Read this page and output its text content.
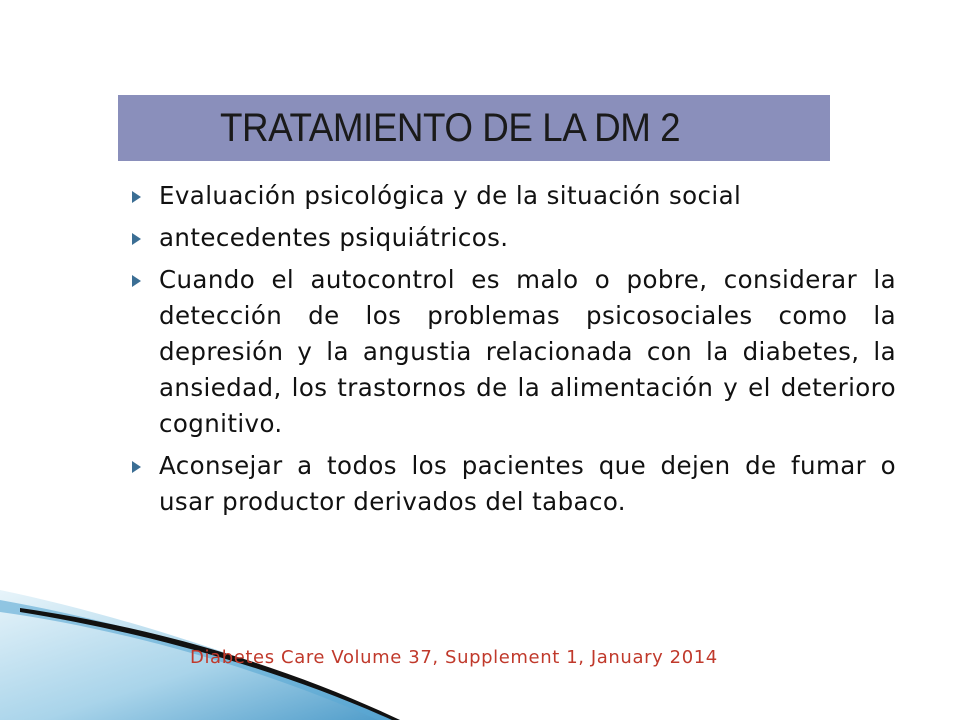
TRATAMIENTO DE LA DM 2
Evaluación psicológica y de la situación social
antecedentes psiquiátricos.
Cuando el autocontrol es malo o pobre, considerar la detección de los problemas psicosociales como la depresión y la angustia relacionada con la diabetes, la ansiedad, los trastornos de la alimentación y el deterioro cognitivo.
Aconsejar a todos los pacientes que dejen de fumar o usar productor derivados del tabaco.
Diabetes Care Volume 37, Supplement 1, January 2014
